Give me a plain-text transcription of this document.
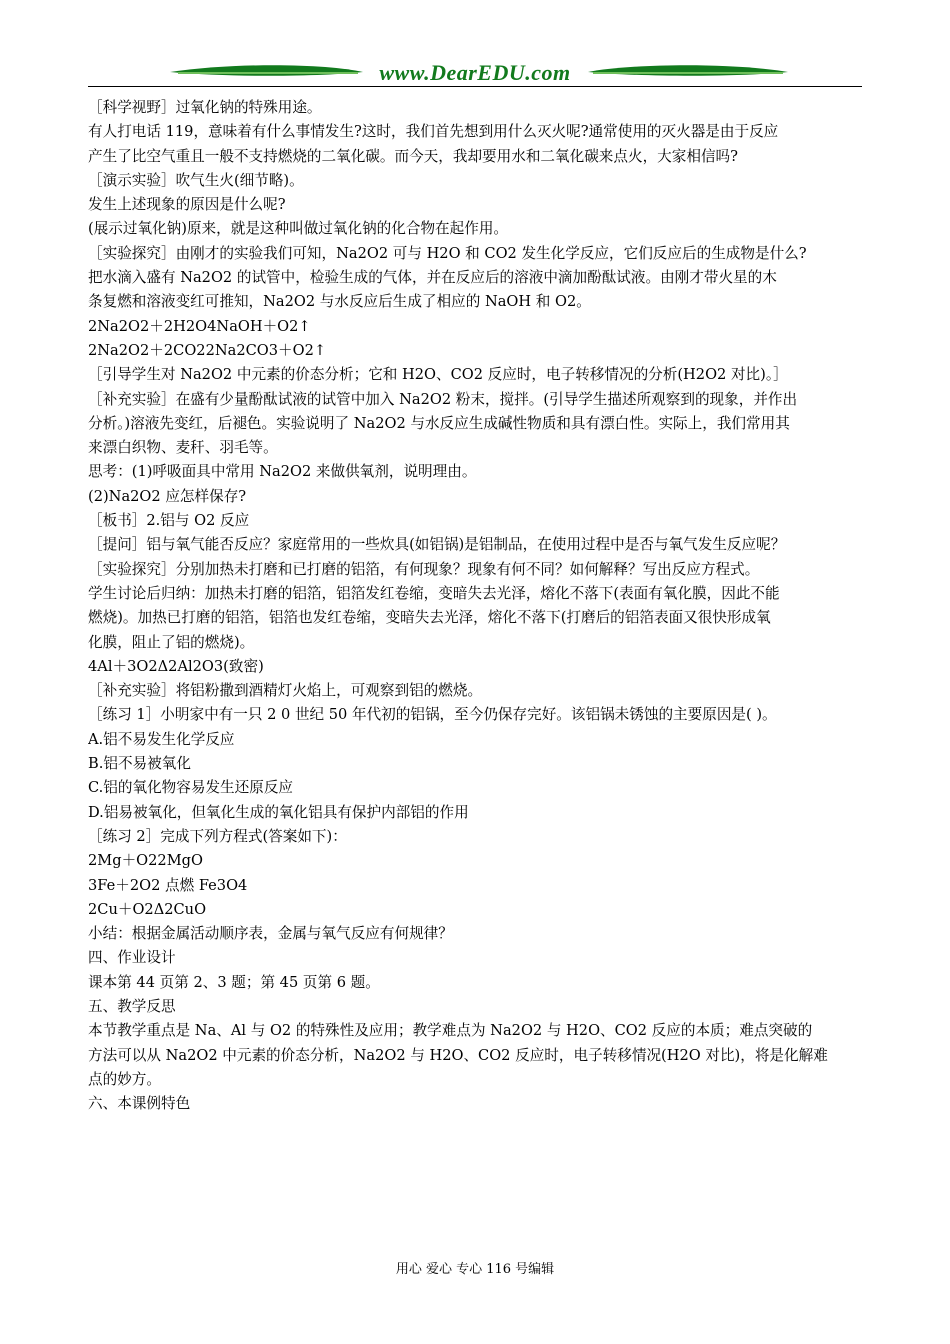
www.DearEDU.com
［科学视野］过氧化钠的特殊用途。
有人打电话 119，意味着有什么事情发生?这时，我们首先想到用什么灭火呢?通常使用的灭火器是由于反应
产生了比空气重且一般不支持燃烧的二氧化碳。而今天，我却要用水和二氧化碳来点火，大家相信吗?
［演示实验］吹气生火(细节略)。
发生上述现象的原因是什么呢?
(展示过氧化钠)原来，就是这种叫做过氧化钠的化合物在起作用。
［实验探究］由刚才的实验我们可知，Na2O2 可与 H2O 和 CO2 发生化学反应，它们反应后的生成物是什么?
把水滴入盛有 Na2O2 的试管中，检验生成的气体，并在反应后的溶液中滴加酚酞试液。由刚才带火星的木
条复燃和溶液变红可推知，Na2O2 与水反应后生成了相应的 NaOH 和 O2。
2Na2O2＋2H2O4NaOH＋O2↑
2Na2O2＋2CO22Na2CO3＋O2↑
［引导学生对 Na2O2 中元素的价态分析；它和 H2O、CO2 反应时，电子转移情况的分析(H2O2 对比)。］
［补充实验］在盛有少量酚酞试液的试管中加入 Na2O2 粉末，搅拌。(引导学生描述所观察到的现象，并作出
分析。)溶液先变红，后褪色。实验说明了 Na2O2 与水反应生成碱性物质和具有漂白性。实际上，我们常用其
来漂白织物、麦秆、羽毛等。
思考：(1)呼吸面具中常用 Na2O2 来做供氧剂，说明理由。
(2)Na2O2 应怎样保存?
［板书］2.铝与 O2 反应
［提问］铝与氧气能否反应？家庭常用的一些炊具(如铝锅)是铝制品，在使用过程中是否与氧气发生反应呢？
［实验探究］分别加热未打磨和已打磨的铝箔，有何现象？现象有何不同？如何解释？写出反应方程式。
学生讨论后归纳：加热未打磨的铝箔，铝箔发红卷缩，变暗失去光泽，熔化不落下(表面有氧化膜，因此不能
燃烧)。加热已打磨的铝箔，铝箔也发红卷缩，变暗失去光泽，熔化不落下(打磨后的铝箔表面又很快形成氧
化膜，阻止了铝的燃烧)。
4Al＋3O2Δ2Al2O3(致密)
［补充实验］将铝粉撒到酒精灯火焰上，可观察到铝的燃烧。
［练习 1］小明家中有一只 2 0 世纪 50 年代初的铝锅，至今仍保存完好。该铝锅未锈蚀的主要原因是( )。
A.铝不易发生化学反应
B.铝不易被氧化
C.铝的氧化物容易发生还原反应
D.铝易被氧化，但氧化生成的氧化铝具有保护内部铝的作用
［练习 2］完成下列方程式(答案如下)：
2Mg＋O22MgO
3Fe＋2O2 点燃 Fe3O4
2Cu＋O2Δ2CuO
小结：根据金属活动顺序表，金属与氧气反应有何规律？
四、作业设计
课本第 44 页第 2、3 题；第 45 页第 6 题。
五、教学反思
本节教学重点是 Na、Al 与 O2 的特殊性及应用；教学难点为 Na2O2 与 H2O、CO2 反应的本质；难点突破的
方法可以从 Na2O2 中元素的价态分析，Na2O2 与 H2O、CO2 反应时，电子转移情况(H2O 对比)，将是化解难
点的妙方。
六、本课例特色
用心 爱心 专心 116 号编辑
